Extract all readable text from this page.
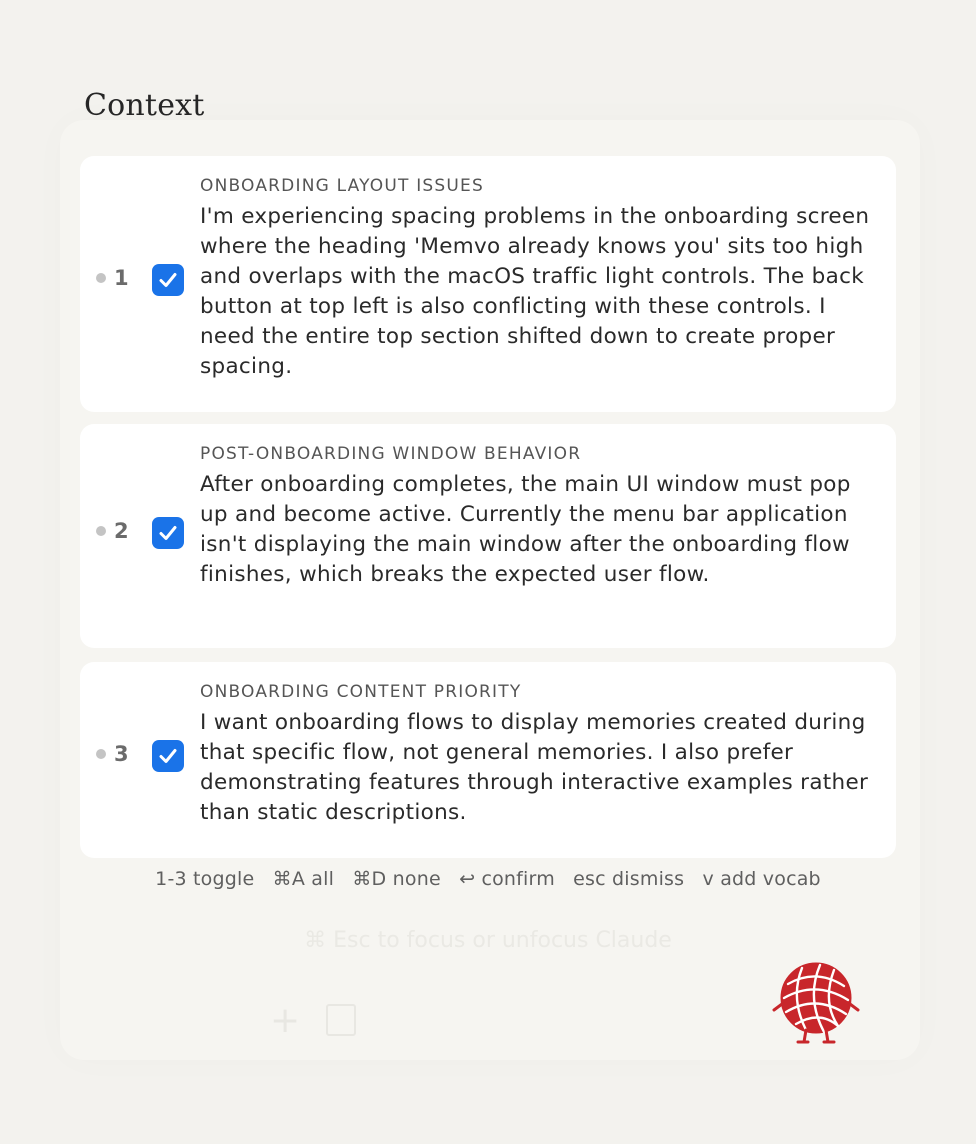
⌘ Esc to focus or unfocus Claude
+
Context
1
ONBOARDING LAYOUT ISSUES
I'm experiencing spacing problems in the onboarding screen where the heading 'Memvo already knows you' sits too high and overlaps with the macOS traffic light controls. The back button at top left is also conflicting with these controls. I need the entire top section shifted down to create proper spacing.
2
POST-ONBOARDING WINDOW BEHAVIOR
After onboarding completes, the main UI window must pop up and become active. Currently the menu bar application isn't displaying the main window after the onboarding flow finishes, which breaks the expected user flow.
3
ONBOARDING CONTENT PRIORITY
I want onboarding flows to display memories created during that specific flow, not general memories. I also prefer demonstrating features through interactive examples rather than static descriptions.
1-3 toggle ⌘A all ⌘D none ↩ confirm esc dismiss v add vocab
